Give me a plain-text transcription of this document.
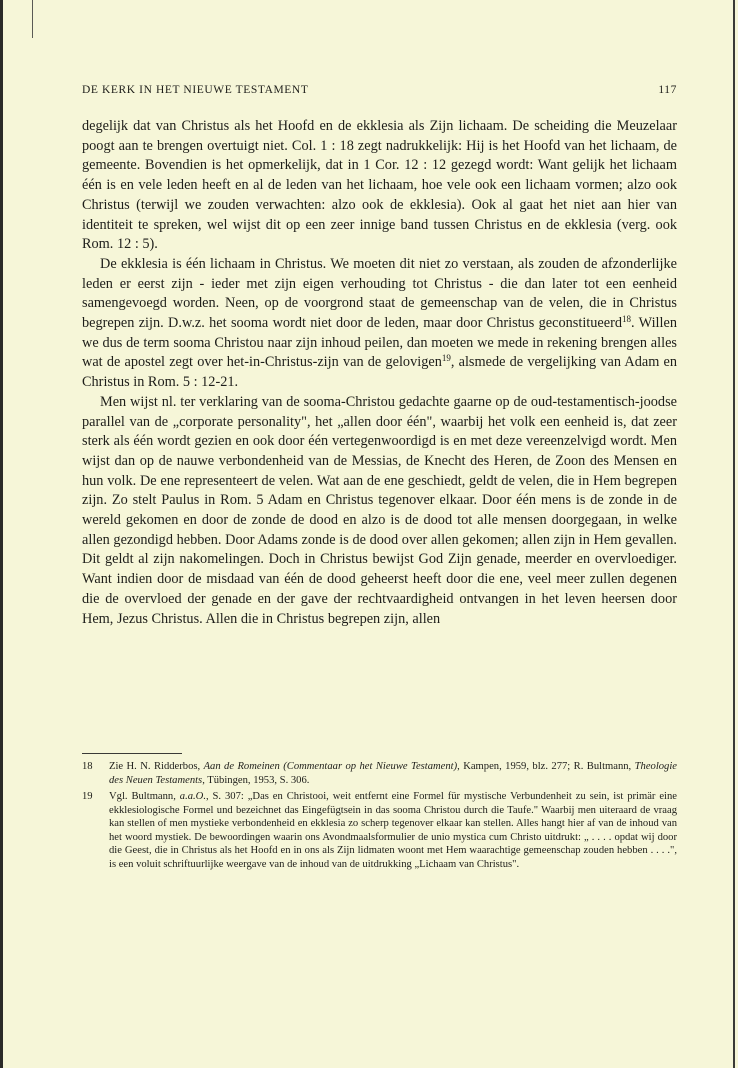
DE KERK IN HET NIEUWE TESTAMENT	117

degelijk dat van Christus als het Hoofd en de ekklesia als Zijn lichaam. De scheiding die Meuzelaar poogt aan te brengen overtuigt niet. Col. 1 : 18 zegt nadrukkelijk: Hij is het Hoofd van het lichaam, de gemeente. Bovendien is het opmerkelijk, dat in 1 Cor. 12 : 12 gezegd wordt: Want gelijk het lichaam één is en vele leden heeft en al de leden van het lichaam, hoe vele ook een lichaam vormen; alzo ook Christus (terwijl we zouden verwachten: alzo ook de ekklesia). Ook al gaat het niet aan hier van identiteit te spreken, wel wijst dit op een zeer innige band tussen Christus en de ekklesia (verg. ook Rom. 12 : 5).

De ekklesia is één lichaam in Christus. We moeten dit niet zo verstaan, als zouden de afzonderlijke leden er eerst zijn - ieder met zijn eigen verhouding tot Christus - die dan later tot een eenheid samengevoegd worden. Neen, op de voorgrond staat de gemeenschap van de velen, die in Christus begrepen zijn. D.w.z. het sooma wordt niet door de leden, maar door Christus geconstitueerd$^{18}$. Willen we dus de term sooma Christou naar zijn inhoud peilen, dan moeten we mede in rekening brengen alles wat de apostel zegt over het-in-Christus-zijn van de gelovigen$^{19}$, alsmede de vergelijking van Adam en Christus in Rom. 5 : 12-21.

Men wijst nl. ter verklaring van de sooma-Christou gedachte gaarne op de oud-testamentisch-joodse parallel van de „corporate personality", het „allen door één", waarbij het volk een eenheid is, dat zeer sterk als één wordt gezien en ook door één vertegenwoordigd is en met deze vereenzelvigd wordt. Men wijst dan op de nauwe verbondenheid van de Messias, de Knecht des Heren, de Zoon des Mensen en hun volk. De ene representeert de velen. Wat aan de ene geschiedt, geldt de velen, die in Hem begrepen zijn. Zo stelt Paulus in Rom. 5 Adam en Christus tegenover elkaar. Door één mens is de zonde in de wereld gekomen en door de zonde de dood en alzo is de dood tot alle mensen doorgegaan, in welke allen gezondigd hebben. Door Adams zonde is de dood over allen gekomen; allen zijn in Hem gevallen. Dit geldt al zijn nakomelingen. Doch in Christus bewijst God Zijn genade, meerder en overvloediger. Want indien door de misdaad van één de dood geheerst heeft door die ene, veel meer zullen degenen die de overvloed der genade en der gave der rechtvaardigheid ontvangen in het leven heersen door Hem, Jezus Christus. Allen die in Christus begrepen zijn, allen

18	Zie H. N. Ridderbos, Aan de Romeinen (Commentaar op het Nieuwe Testament), Kampen, 1959, blz. 277; R. Bultmann, Theologie des Neuen Testaments, Tübingen, 1953, S. 306.
19	Vgl. Bultmann, a.a.O., S. 307: „Das en Christooi, weit entfernt eine Formel für mystische Verbundenheit zu sein, ist primär eine ekklesiologische Formel und bezeichnet das Eingefügtsein in das sooma Christou durch die Taufe." Waarbij men uiteraard de vraag kan stellen of men mystieke verbondenheid en ekklesia zo scherp tegenover elkaar kan stellen. Alles hangt hier af van de inhoud van het woord mystiek. De bewoordingen waarin ons Avondmaalsformulier de unio mystica cum Christo uitdrukt: „ . . . . opdat wij door die Geest, die in Christus als het Hoofd en in ons als Zijn lidmaten woont met Hem waarachtige gemeenschap zouden hebben . . . .", is een voluit schriftuurlijke weergave van de inhoud van de uitdrukking „Lichaam van Christus".
